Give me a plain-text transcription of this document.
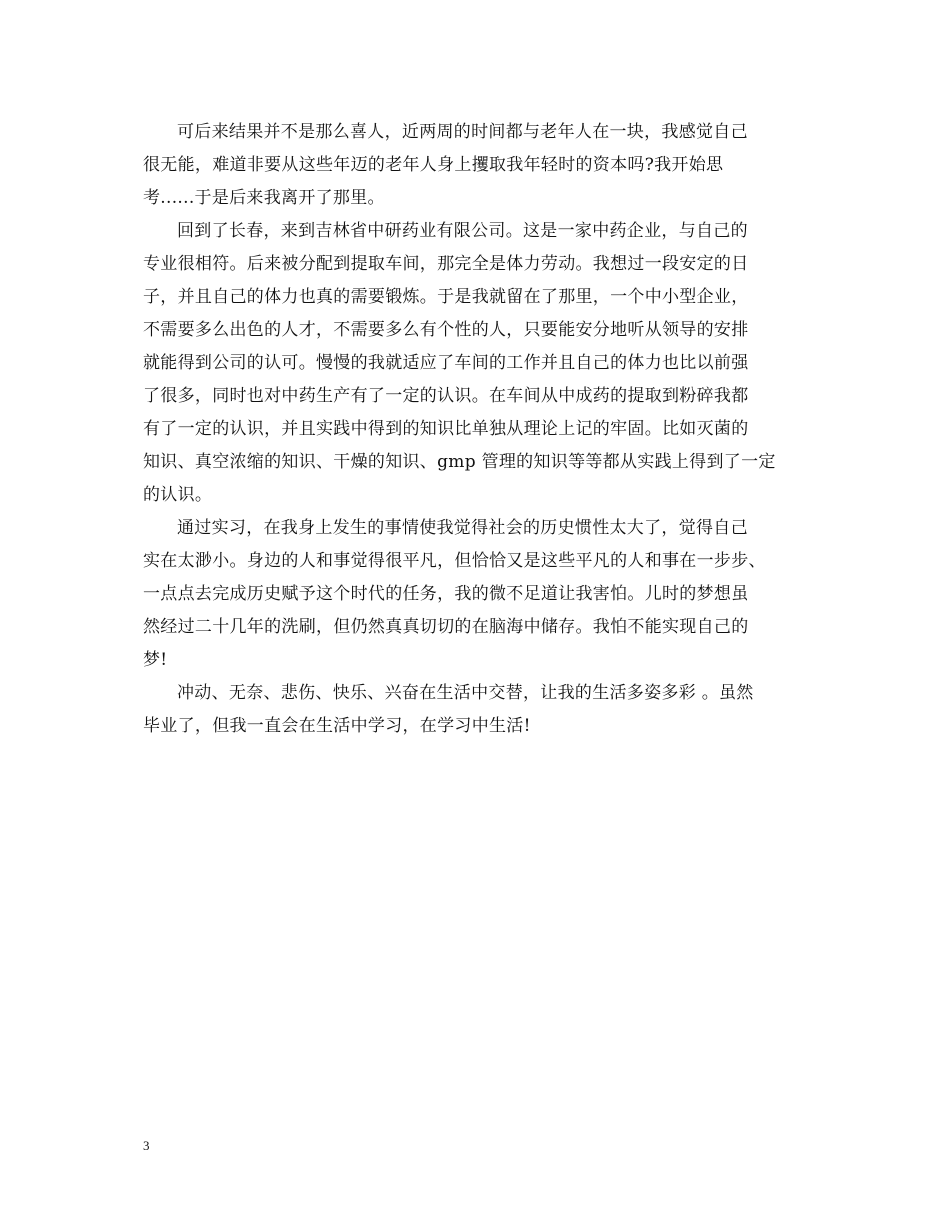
可后来结果并不是那么喜人，近两周的时间都与老年人在一块，我感觉自己
很无能，难道非要从这些年迈的老年人身上攫取我年轻时的资本吗?我开始思
考......于是后来我离开了那里。
回到了长春，来到吉林省中研药业有限公司。这是一家中药企业，与自己的
专业很相符。后来被分配到提取车间，那完全是体力劳动。我想过一段安定的日
子，并且自己的体力也真的需要锻炼。于是我就留在了那里，一个中小型企业，
不需要多么出色的人才，不需要多么有个性的人，只要能安分地听从领导的安排
就能得到公司的认可。慢慢的我就适应了车间的工作并且自己的体力也比以前强
了很多，同时也对中药生产有了一定的认识。在车间从中成药的提取到粉碎我都
有了一定的认识，并且实践中得到的知识比单独从理论上记的牢固。比如灭菌的
知识、真空浓缩的知识、干燥的知识、gmp 管理的知识等等都从实践上得到了一定
的认识。
通过实习，在我身上发生的事情使我觉得社会的历史惯性太大了，觉得自己
实在太渺小。身边的人和事觉得很平凡，但恰恰又是这些平凡的人和事在一步步、
一点点去完成历史赋予这个时代的任务，我的微不足道让我害怕。儿时的梦想虽
然经过二十几年的洗刷，但仍然真真切切的在脑海中储存。我怕不能实现自己的
梦!
冲动、无奈、悲伤、快乐、兴奋在生活中交替，让我的生活多姿多彩 。虽然
毕业了，但我一直会在生活中学习，在学习中生活!
3
